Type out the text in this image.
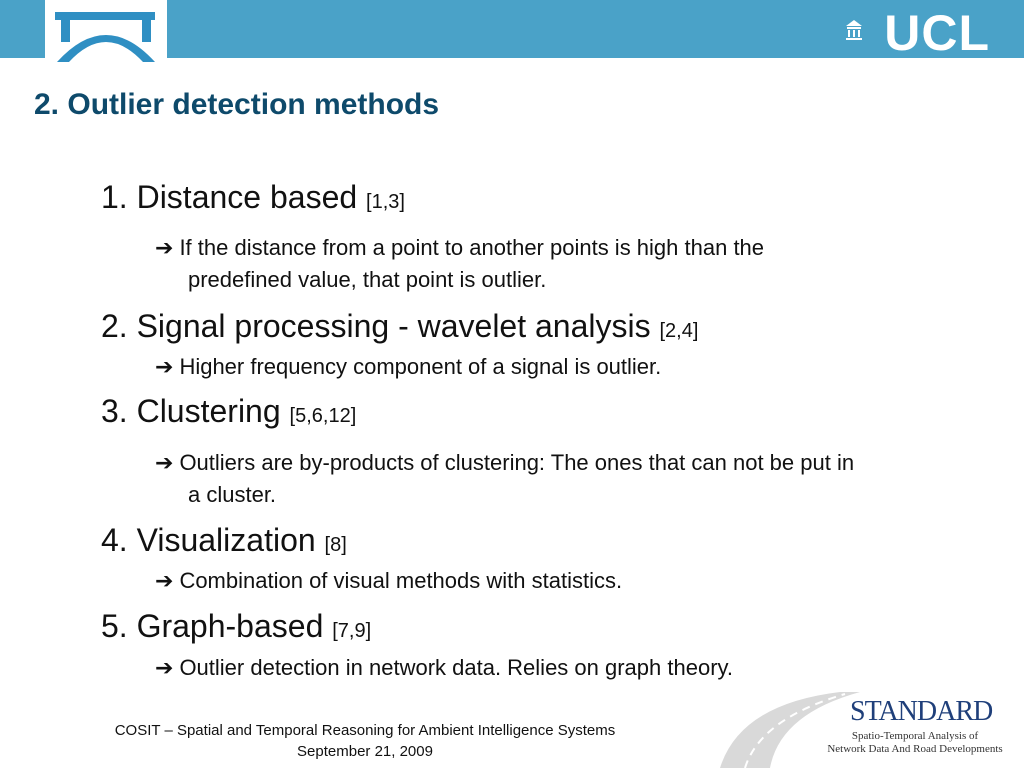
UCL
2. Outlier detection methods
1. Distance based [1,3]
➔ If the distance from a point to another points is high than the
predefined value, that point is outlier.
2. Signal processing - wavelet analysis [2,4]
➔ Higher frequency component of a signal is outlier.
3. Clustering [5,6,12]
➔ Outliers are by-products of clustering: The ones that can not be put in
a cluster.
4. Visualization [8]
➔ Combination of visual methods with statistics.
5. Graph-based [7,9]
➔ Outlier detection in network data. Relies on graph theory.
COSIT – Spatial and Temporal Reasoning for Ambient Intelligence Systems
September 21, 2009
STANDARD
Spatio-Temporal Analysis of
Network Data And Road Developments
